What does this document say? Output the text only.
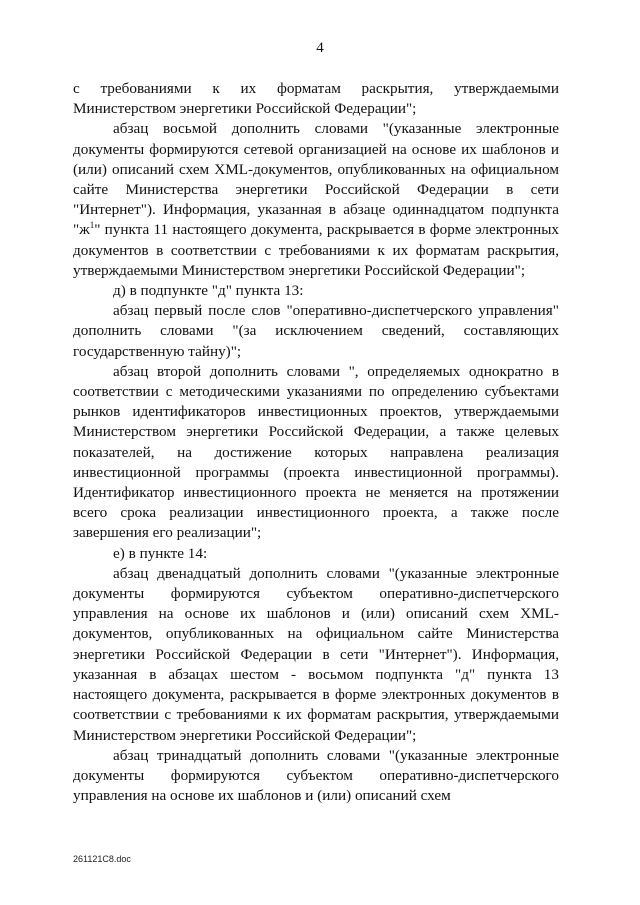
4

с требованиями к их форматам раскрытия, утверждаемыми Министерством энергетики Российской Федерации";

абзац восьмой дополнить словами "(указанные электронные документы формируются сетевой организацией на основе их шаблонов и (или) описаний схем XML-документов, опубликованных на официальном сайте Министерства энергетики Российской Федерации в сети "Интернет"). Информация, указанная в абзаце одиннадцатом подпункта "$ж^1$" пункта 11 настоящего документа, раскрывается в форме электронных документов в соответствии с требованиями к их форматам раскрытия, утверждаемыми Министерством энергетики Российской Федерации";

д) в подпункте "д" пункта 13:

абзац первый после слов "оперативно-диспетчерского управления" дополнить словами "(за исключением сведений, составляющих государственную тайну)";

абзац второй дополнить словами ", определяемых однократно в соответствии с методическими указаниями по определению субъектами рынков идентификаторов инвестиционных проектов, утверждаемыми Министерством энергетики Российской Федерации, а также целевых показателей, на достижение которых направлена реализация инвестиционной программы (проекта инвестиционной программы). Идентификатор инвестиционного проекта не меняется на протяжении всего срока реализации инвестиционного проекта, а также после завершения его реализации";

е) в пункте 14:

абзац двенадцатый дополнить словами "(указанные электронные документы формируются субъектом оперативно-диспетчерского управления на основе их шаблонов и (или) описаний схем XML-документов, опубликованных на официальном сайте Министерства энергетики Российской Федерации в сети "Интернет"). Информация, указанная в абзацах шестом - восьмом подпункта "д" пункта 13 настоящего документа, раскрывается в форме электронных документов в соответствии с требованиями к их форматам раскрытия, утверждаемыми Министерством энергетики Российской Федерации";

абзац тринадцатый дополнить словами "(указанные электронные документы формируются субъектом оперативно-диспетчерского управления на основе их шаблонов и (или) описаний схем

261121C8.doc
